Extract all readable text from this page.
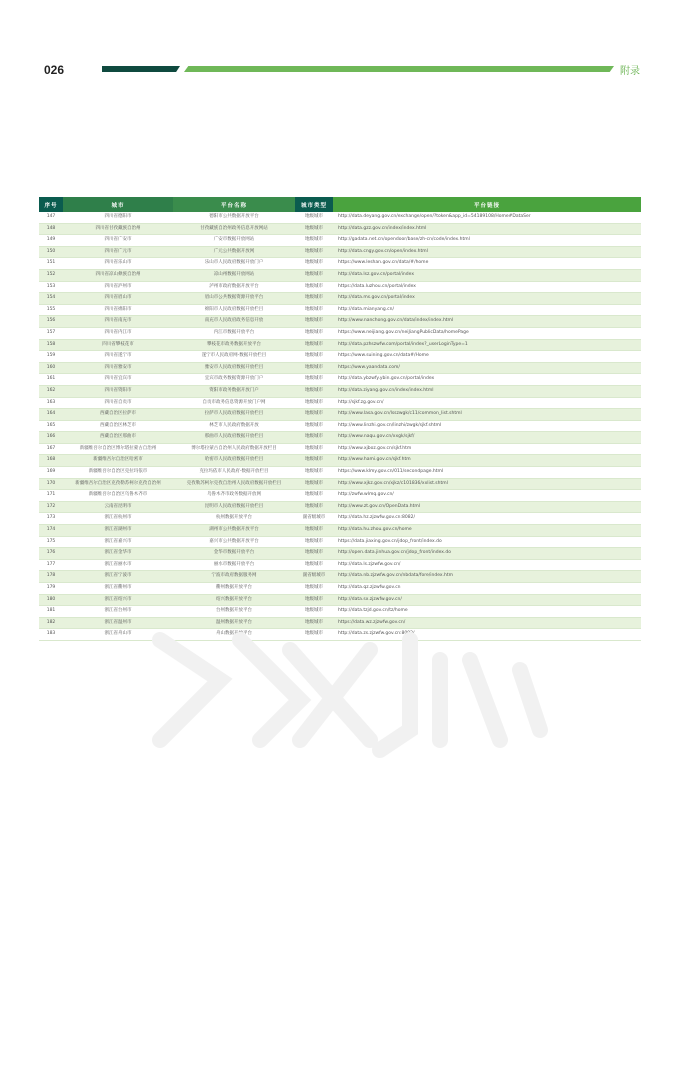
026	附录
序号	城市	平台名称	城市类型	平台链接
147	四川省德阳市	德阳市公共数据开放平台	地级城市	http://data.deyang.gov.cn/exchange/open/?token&app_id=54189108/Home#DataSer
148	四川省甘孜藏族自治州	甘孜藏族自治州政务信息开放网站	地级城市	http://data.gzz.gov.cn/index/index.html
149	四川省广安市	广安市数据开放网站	地级城市	http://gadata.net.cn/opendoor/base/zh-cn/code/index.html
150	四川省广元市	广元公共数据开放网	地级城市	http://data.cngy.gov.cn/open/index.html
151	四川省乐山市	乐山市人民政府数据开放门户	地级城市	https://www.leshan.gov.cn/data/#/home
152	四川省凉山彝族自治州	凉山州数据开放网站	地级城市	http://data.lsz.gov.cn/portal/index
153	四川省泸州市	泸州市政府数据开放平台	地级城市	https://data.luzhou.cn/portal/index
154	四川省眉山市	眉山市公共数据资源开放平台	地级城市	http://data.ms.gov.cn/portal/index
155	四川省绵阳市	绵阳市人民政府数据开放栏目	地级城市	http://data.mianyang.cn/
156	四川省南充市	南充市人民政府政务信息开放	地级城市	http://www.nanchong.gov.cn/data/index/index.html
157	四川省内江市	内江市数据开放平台	地级城市	https://www.neijiang.gov.cn/neiJiangPublicData/homePage
158	四川省攀枝花市	攀枝花市政务数据开放平台	地级城市	http://data.pzhszwfw.com/portal/index?_userLoginType=1
159	四川省遂宁市	遂宁市人民政府网-数据开放栏目	地级城市	https://www.suining.gov.cn/data#/Home
160	四川省雅安市	雅安市人民政府数据开放栏目	地级城市	https://www.yaandata.com/
161	四川省宜宾市	宜宾市政务数据资源开放门户	地级城市	http://data.ybzwfy.ybin.gov.cn/portal/index
162	四川省资阳市	资阳市政务数据开放门户	地级城市	http://data.ziyang.gov.cn/index/index.html
163	四川省自贡市	自贡市政务信息资源开放门户网	地级城市	http://sjkf.zg.gov.cn/
164	西藏自治区拉萨市	拉萨市人民政府数据开放栏目	地级城市	http://www.lasa.gov.cn/lsszwgk/c11/common_list.shtml
165	西藏自治区林芝市	林芝市人民政府数据开放	地级城市	http://www.linzhi.gov.cn/linzhi/zwgk/sjkf.shtml
166	西藏自治区那曲市	那曲市人民政府数据开放栏目	地级城市	http://www.naqu.gov.cn/xxgk/sjkf/
167	新疆维吾尔自治区博尔塔拉蒙古自治州	博尔塔拉蒙古自治州人民政府数据开放栏目	地级城市	http://www.xjboz.gov.cn/sjkf.htm
168	新疆维吾尔自治区哈密市	哈密市人民政府数据开放栏目	地级城市	http://www.hami.gov.cn/sjkf.htm
169	新疆维吾尔自治区克拉玛依市	克拉玛依市人民政府-数据开放栏目	地级城市	https://www.klmy.gov.cn/011/secondpage.html
170	新疆维吾尔自治区克孜勒苏柯尔克孜自治州	克孜勒苏柯尔克孜自治州人民政府数据开放栏目	地级城市	http://www.xjkz.gov.cn/xjkz/c101836/xxlist.shtml
171	新疆维吾尔自治区乌鲁木齐市	乌鲁木齐市政务数据开放网	地级城市	http://zwfw.wlmq.gov.cn/
172	云南省昆明市	昆明市人民政府数据开放栏目	地级城市	http://www.zt.gov.cn/OpenData.html
173	浙江省杭州市	杭州数据开放平台	副省级城市	http://data.hz.zjzwfw.gov.cn:8082/
174	浙江省湖州市	湖州市公共数据开放平台	地级城市	http://data.hu.zhou.gov.cn/home
175	浙江省嘉兴市	嘉兴市公共数据开放平台	地级城市	https://data.jiaxing.gov.cn/jdop_front/index.do
176	浙江省金华市	金华市数据开放平台	地级城市	http://open.data.jinhua.gov.cn/jdop_front/index.do
177	浙江省丽水市	丽水市数据开放平台	地级城市	http://data.ls.zjzwfw.gov.cn/
178	浙江省宁波市	宁波市政府数据服务网	副省级城市	http://data.nb.zjzwfw.gov.cn/nbdata/fore/index.htm
179	浙江省衢州市	衢州数据开放平台	地级城市	http://data.qz.zjzwfw.gov.cn
180	浙江省绍兴市	绍兴数据开放平台	地级城市	http://data.sx.zjzwfw.gov.cn/
181	浙江省台州市	台州数据开放平台	地级城市	http://data.tzjd.gov.cn/tz/home
182	浙江省温州市	温州数据开放平台	地级城市	https://data.wz.zjzwfw.gov.cn/
183	浙江省舟山市	舟山数据开放平台	地级城市	http://data.zs.zjzwfw.gov.cn:8092/
